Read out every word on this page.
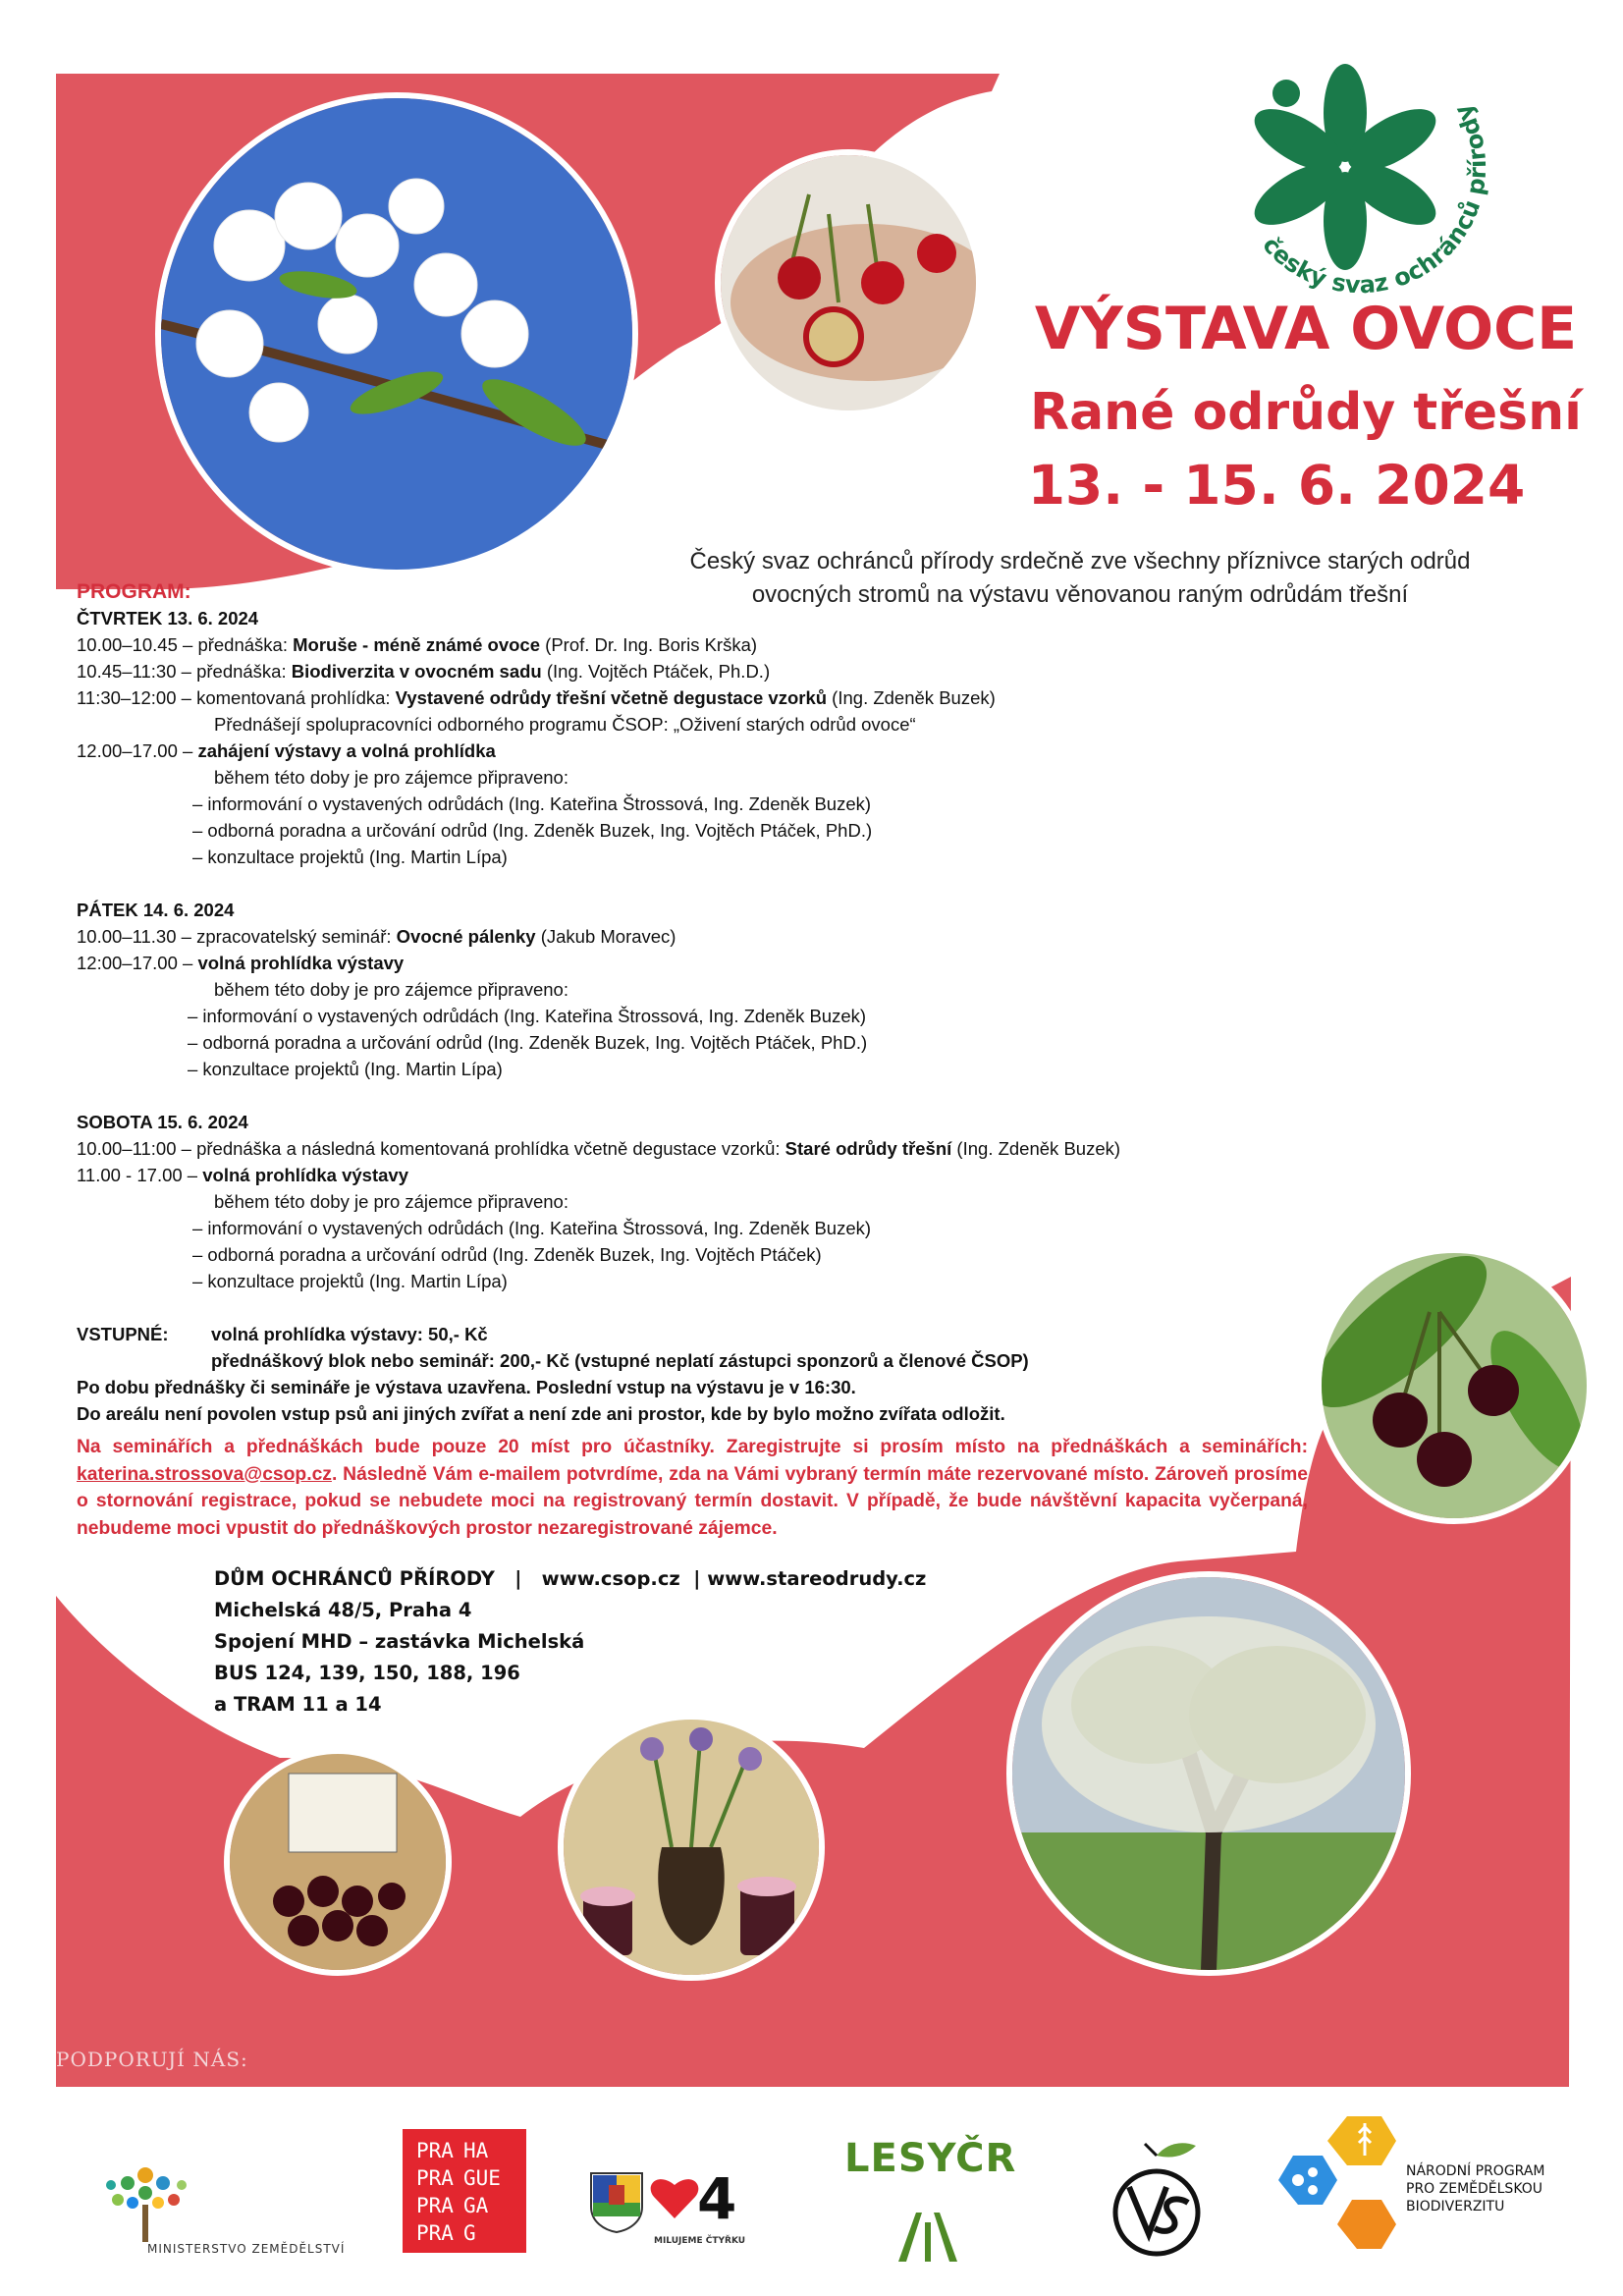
český svaz ochránců přírody
VÝSTAVA OVOCE
Rané odrůdy třešní
13. - 15. 6. 2024
Český svaz ochránců přírody srdečně zve všechny příznivce starých odrůd
ovocných stromů na výstavu věnovanou raným odrůdám třešní
PROGRAM:
ČTVRTEK 13. 6. 2024
10.00–10.45 – přednáška: Moruše - méně známé ovoce (Prof. Dr. Ing. Boris Krška)
10.45–11:30 – přednáška: Biodiverzita v ovocném sadu (Ing. Vojtěch Ptáček, Ph.D.)
11:30–12:00 – komentovaná prohlídka: Vystavené odrůdy třešní včetně degustace vzorků (Ing. Zdeněk Buzek)
Přednášejí spolupracovníci odborného programu ČSOP: „Oživení starých odrůd ovoce“
12.00–17.00 – zahájení výstavy a volná prohlídka
během této doby je pro zájemce připraveno:
– informování o vystavených odrůdách (Ing. Kateřina Štrossová, Ing. Zdeněk Buzek)
– odborná poradna a určování odrůd (Ing. Zdeněk Buzek, Ing. Vojtěch Ptáček, PhD.)
– konzultace projektů (Ing. Martin Lípa)
PÁTEK 14. 6. 2024
10.00–11.30 – zpracovatelský seminář: Ovocné pálenky (Jakub Moravec)
12:00–17.00 – volná prohlídka výstavy
během této doby je pro zájemce připraveno:
– informování o vystavených odrůdách (Ing. Kateřina Štrossová, Ing. Zdeněk Buzek)
– odborná poradna a určování odrůd (Ing. Zdeněk Buzek, Ing. Vojtěch Ptáček, PhD.)
– konzultace projektů (Ing. Martin Lípa)
SOBOTA 15. 6. 2024
10.00–11:00 – přednáška a následná komentovaná prohlídka včetně degustace vzorků: Staré odrůdy třešní (Ing. Zdeněk Buzek)
11.00 - 17.00 – volná prohlídka výstavy
během této doby je pro zájemce připraveno:
– informování o vystavených odrůdách (Ing. Kateřina Štrossová, Ing. Zdeněk Buzek)
– odborná poradna a určování odrůd (Ing. Zdeněk Buzek, Ing. Vojtěch Ptáček)
– konzultace projektů (Ing. Martin Lípa)
VSTUPNÉ:	volná prohlídka výstavy: 50,- Kč
přednáškový blok nebo seminář: 200,- Kč (vstupné neplatí zástupci sponzorů a členové ČSOP)
Po dobu přednášky či semináře je výstava uzavřena. Poslední vstup na výstavu je v 16:30.
Do areálu není povolen vstup psů ani jiných zvířat a není zde ani prostor, kde by bylo možno zvířata odložit.
Na seminářích a přednáškách bude pouze 20 míst pro účastníky. Zaregistrujte si prosím místo na přednáškách a seminářích: katerina.strossova@csop.cz. Následně Vám e-mailem potvrdíme, zda na Vámi vybraný termín máte rezervované místo. Zároveň prosíme o stornování registrace, pokud se nebudete moci na registrovaný termín dostavit. V případě, že bude návštěvní kapacita vyčerpaná, nebudeme moci vpustit do přednáškových prostor nezaregistrované zájemce.
DŮM OCHRÁNCŮ PŘÍRODY   |   www.csop.cz  | www.stareodrudy.cz
Michelská 48/5, Praha 4
Spojení MHD – zastávka Michelská
BUS 124, 139, 150, 188, 196
a TRAM 11 a 14
PODPORUJÍ NÁS:
MINISTERSTVO ZEMĚDĚLSTVÍ
PRA HA
PRA GUE
PRA GA
PRA G
4
MILUJEME ČTYŘKU
LESYČR	NÁRODNÍ PROGRAM
PRO ZEMĚDĚLSKOU
BIODIVERZITU
